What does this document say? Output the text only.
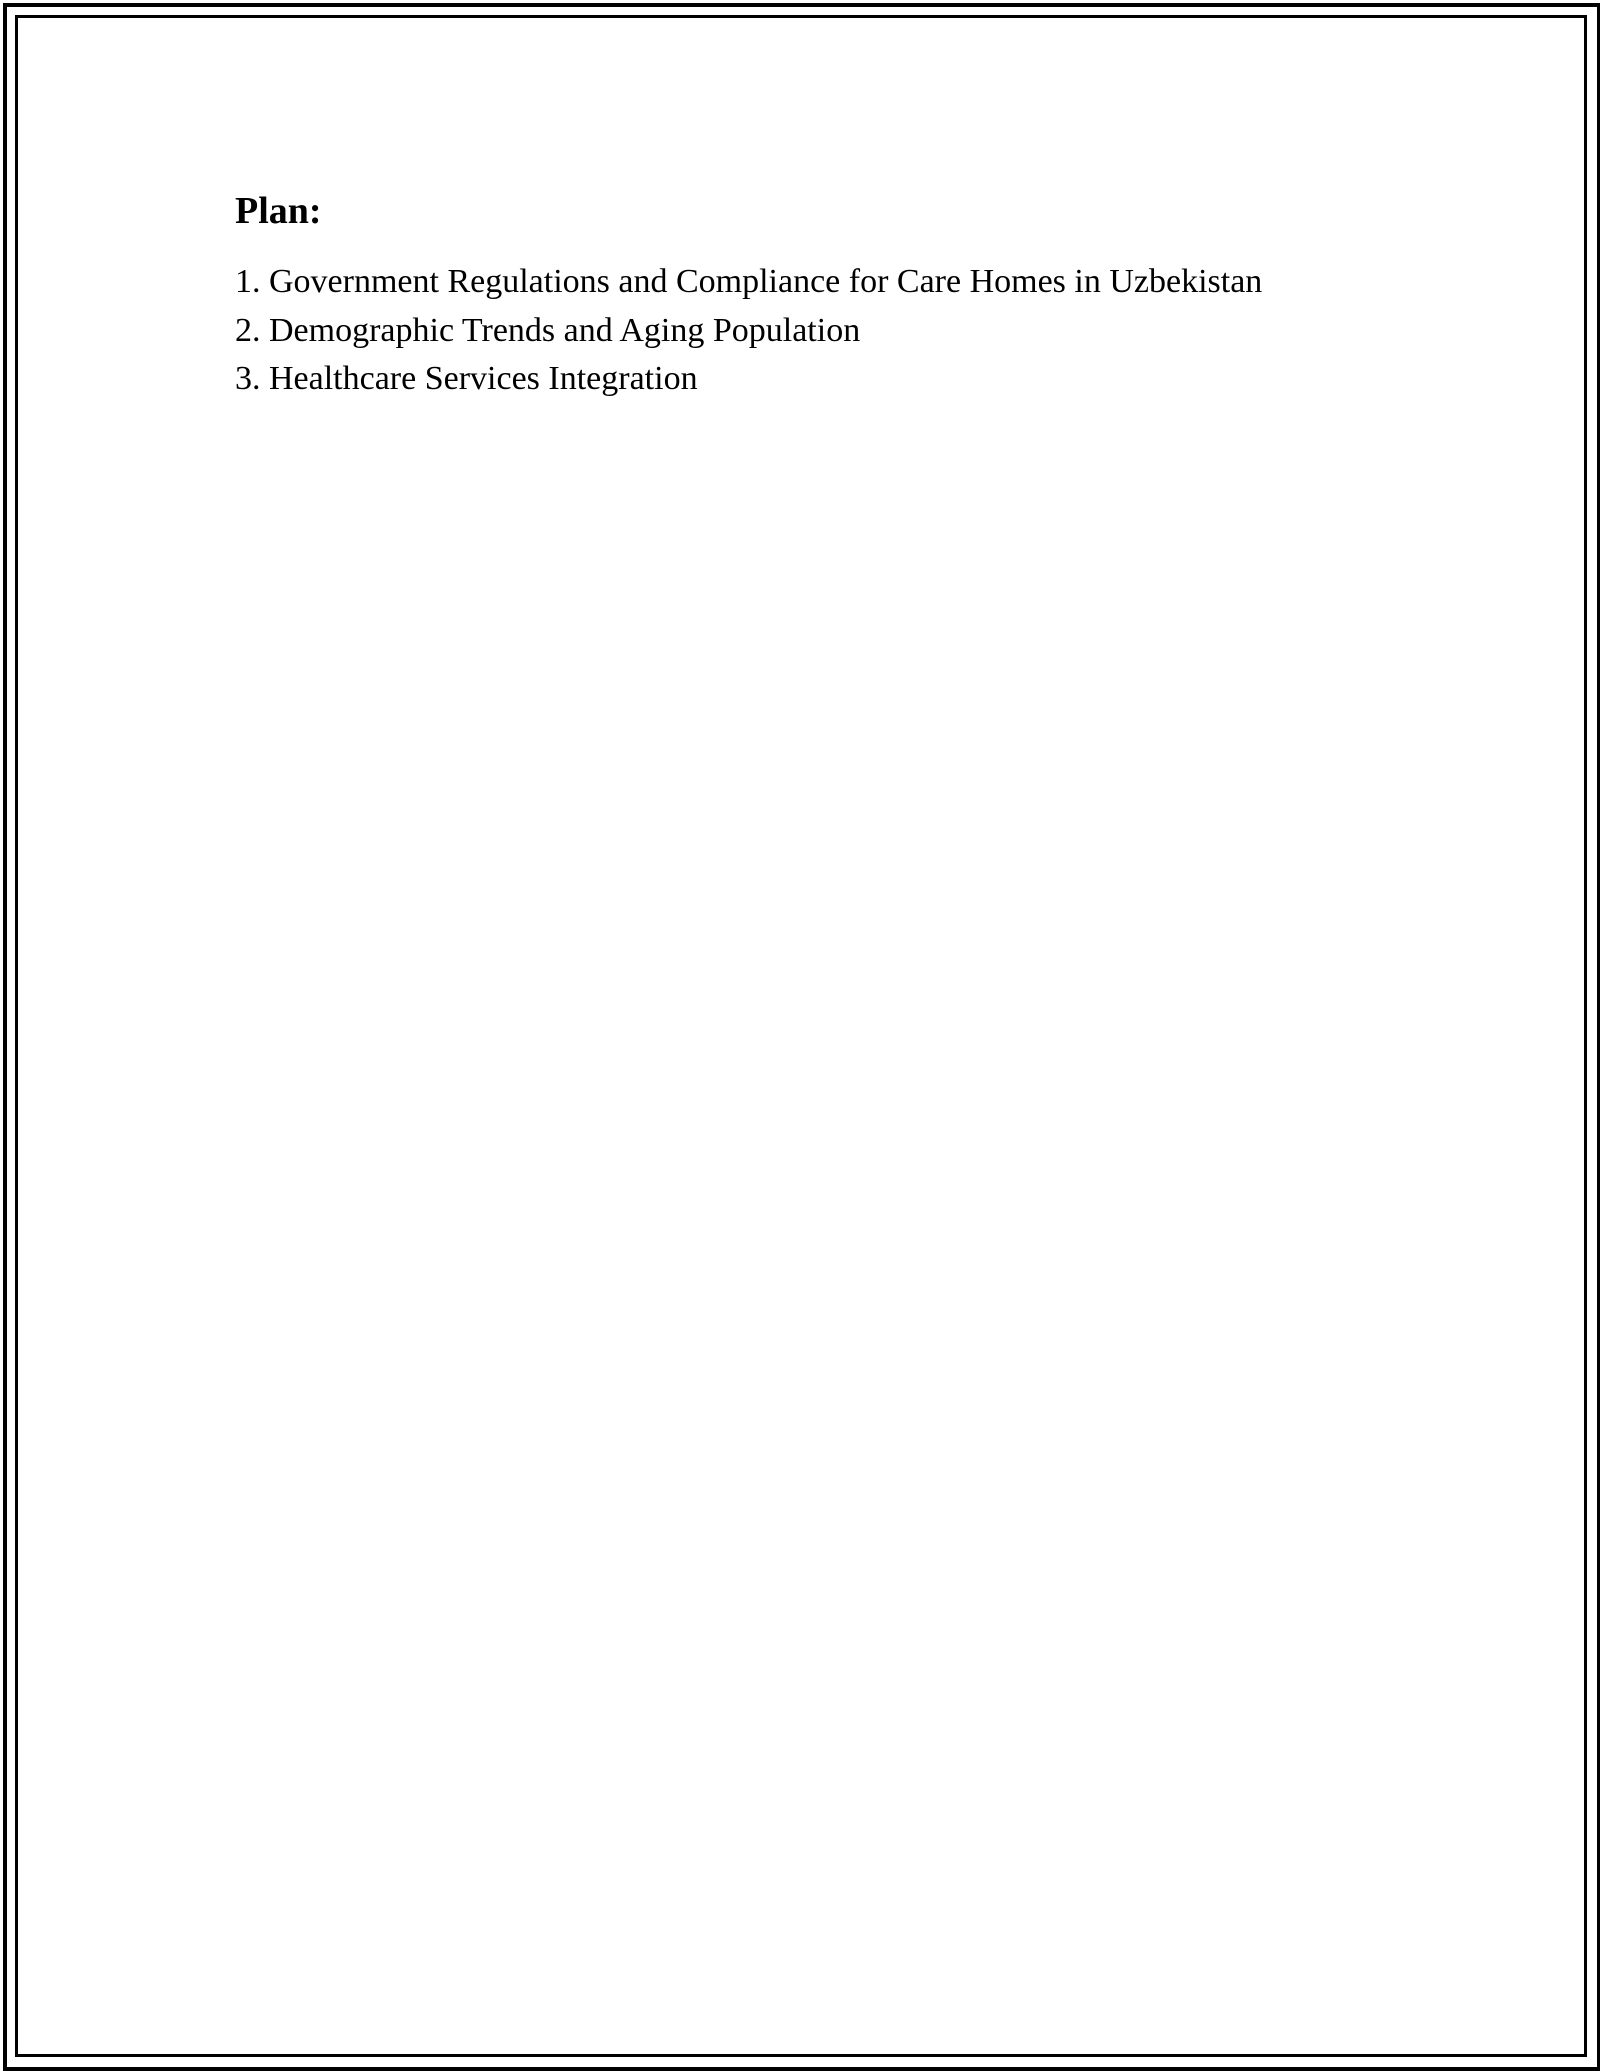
Plan:
1. Government Regulations and Compliance for Care Homes in Uzbekistan
2. Demographic Trends and Aging Population
3. Healthcare Services Integration
